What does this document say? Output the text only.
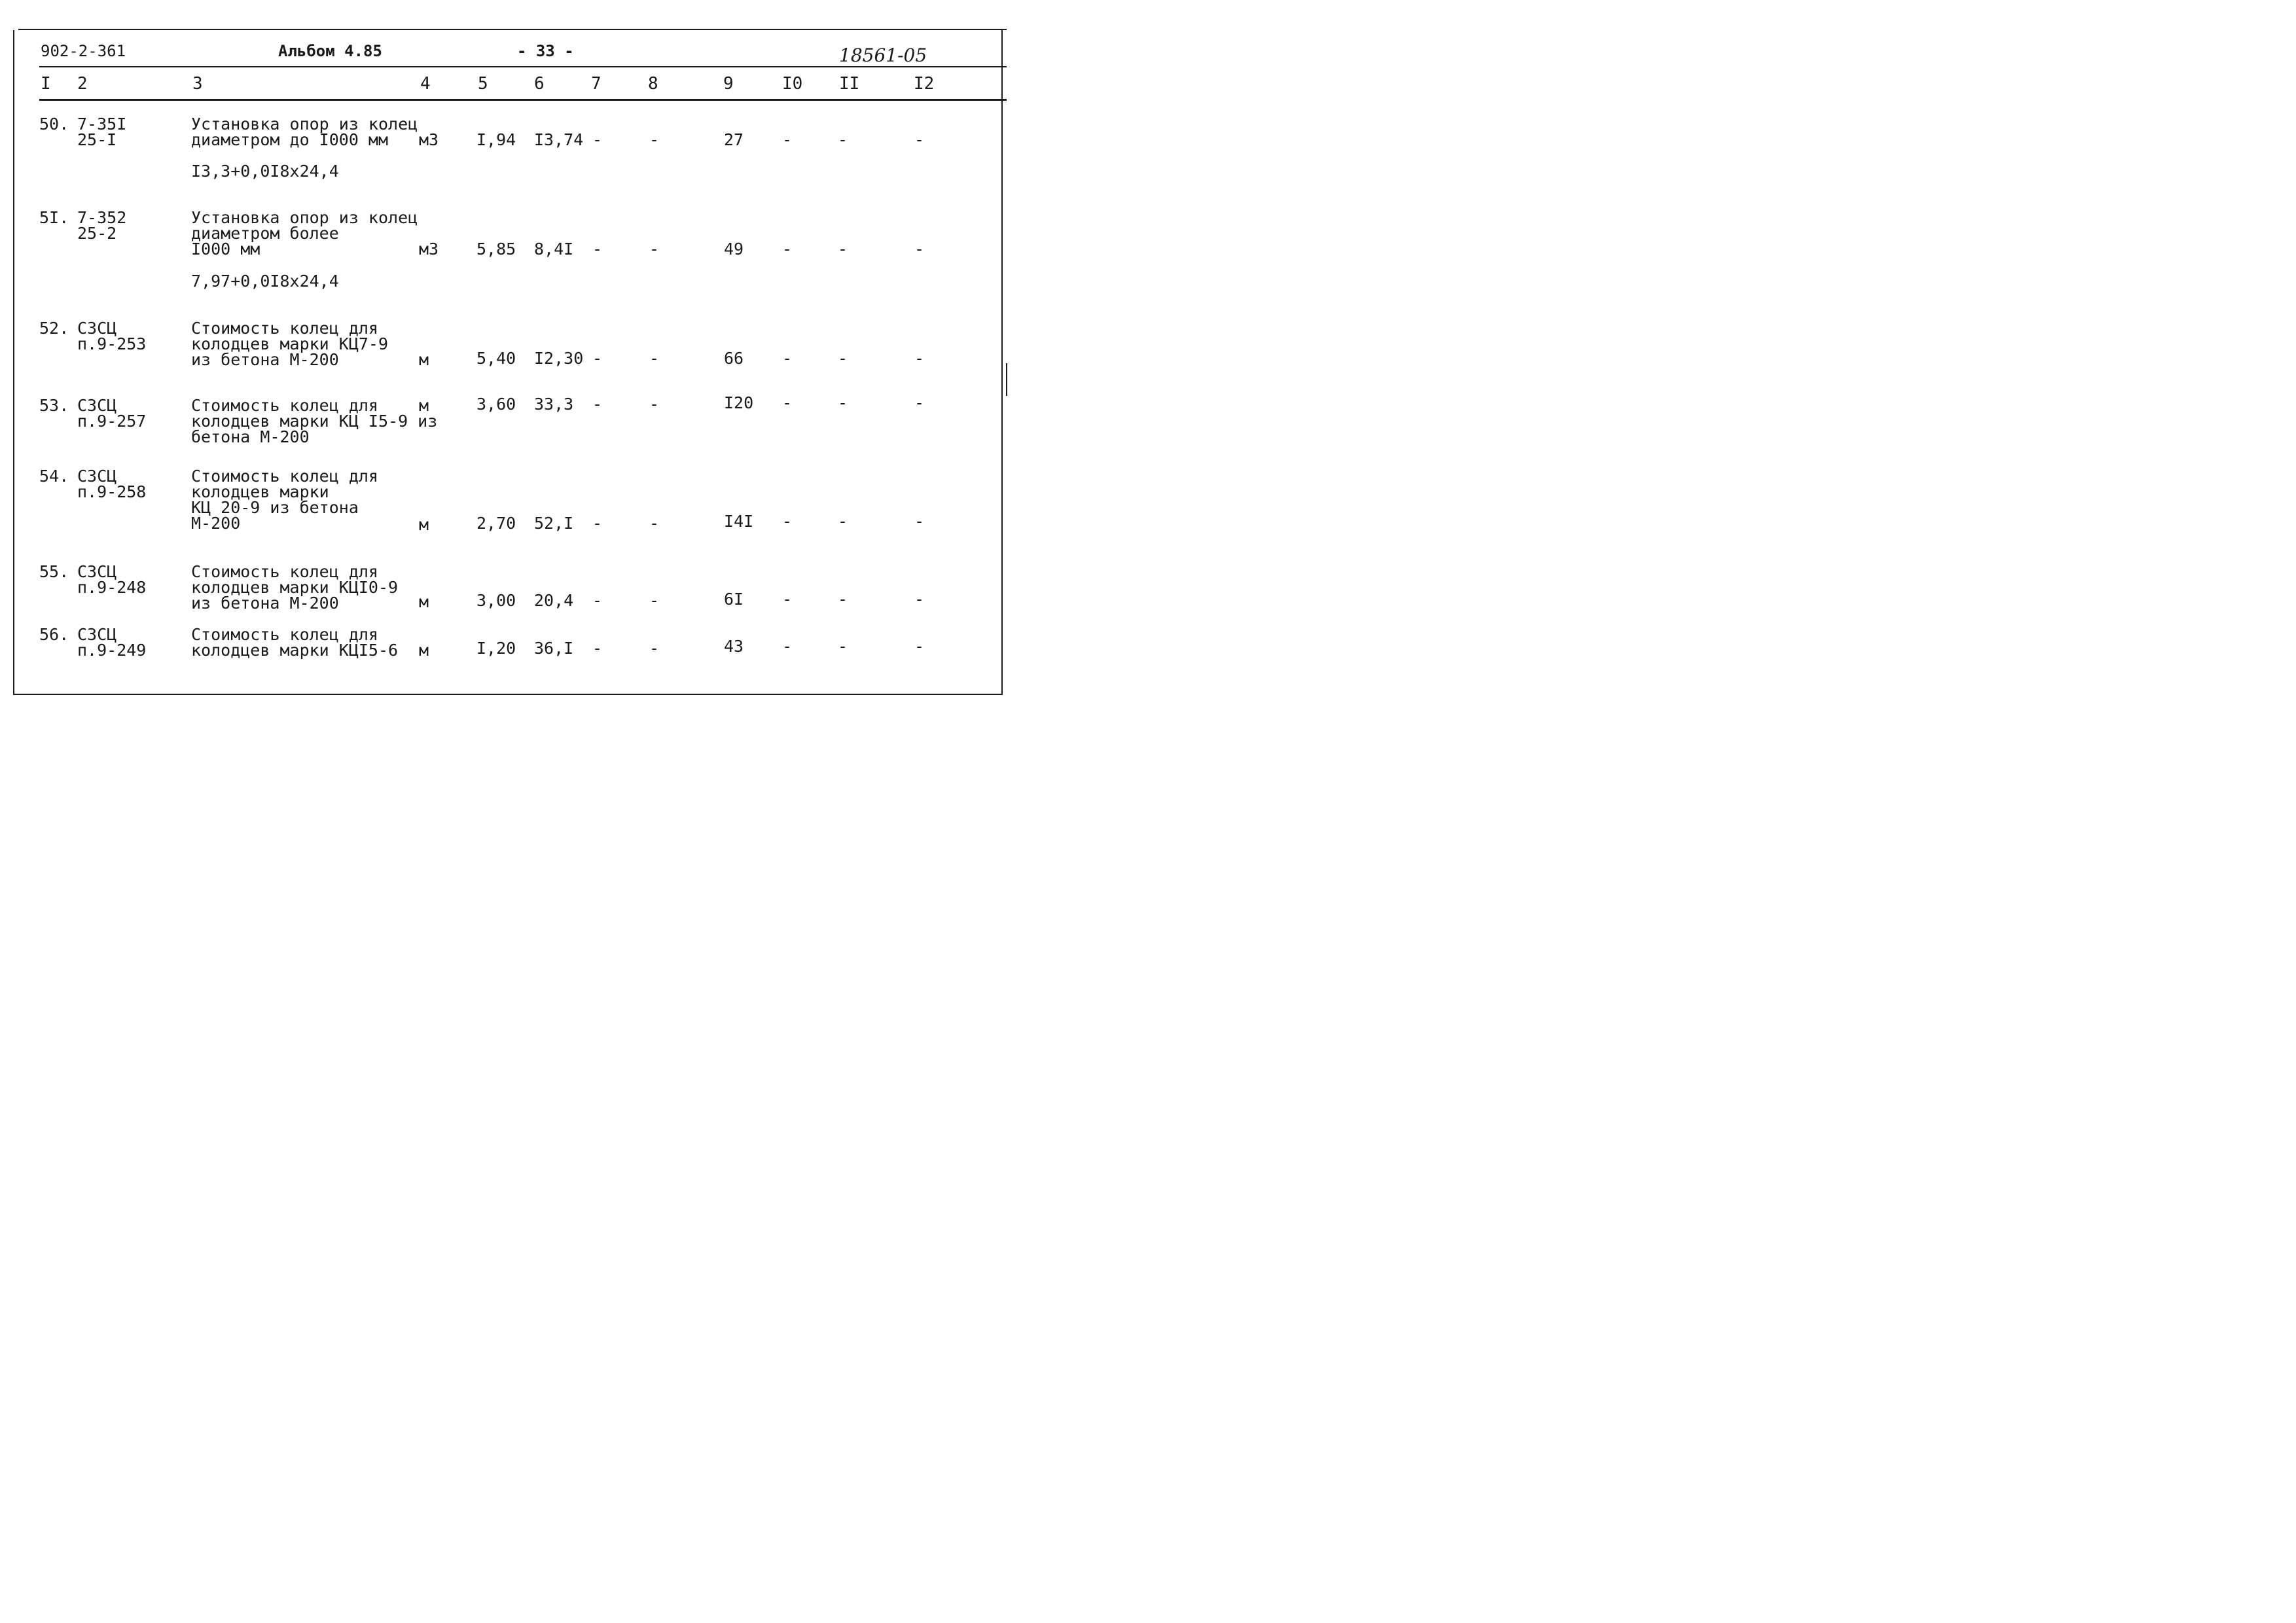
902-2-361	Альбом 4.85	- 33 -	18561-05
I 2	3	4	5	6	7	8	9	I0 II	I2
50. 7-35I
25-I
Установка опор из колец
диаметром до I000 мм
I3,3+0,0I8x24,4
м3 I,94 I3,74 -	-	27 -	-	-
5I. 7-352
25-2
Установка опор из колец
диаметром более
I000 мм
7,97+0,0I8x24,4
м3 5,85 8,4I -	-	49 -	-	-
52. СЗСЦ
п.9-253
Стоимость колец для
колодцев марки КЦ7-9
из бетона М-200	м	5,40 I2,30 -	-	66 -	-	-
53. СЗСЦ
п.9-257
Стоимость колец для
колодцев марки КЦ I5-9 из
бетона М-200
м	3,60 33,3 -	-	I20 -	-	-
54. СЗСЦ
п.9-258
Стоимость колец для
колодцев марки
КЦ 20-9 из бетона
М-200	м	2,70 52,I -	-	I4I -	-	-
55. СЗСЦ
п.9-248
Стоимость колец для
колодцев марки КЦI0-9
из бетона М-200	м	3,00 20,4 -	-	6I -	-	-
56. СЗСЦ
п.9-249
Стоимость колец для
колодцев марки КЦI5-6 м	I,20 36,I -	-	43 -	-	-
